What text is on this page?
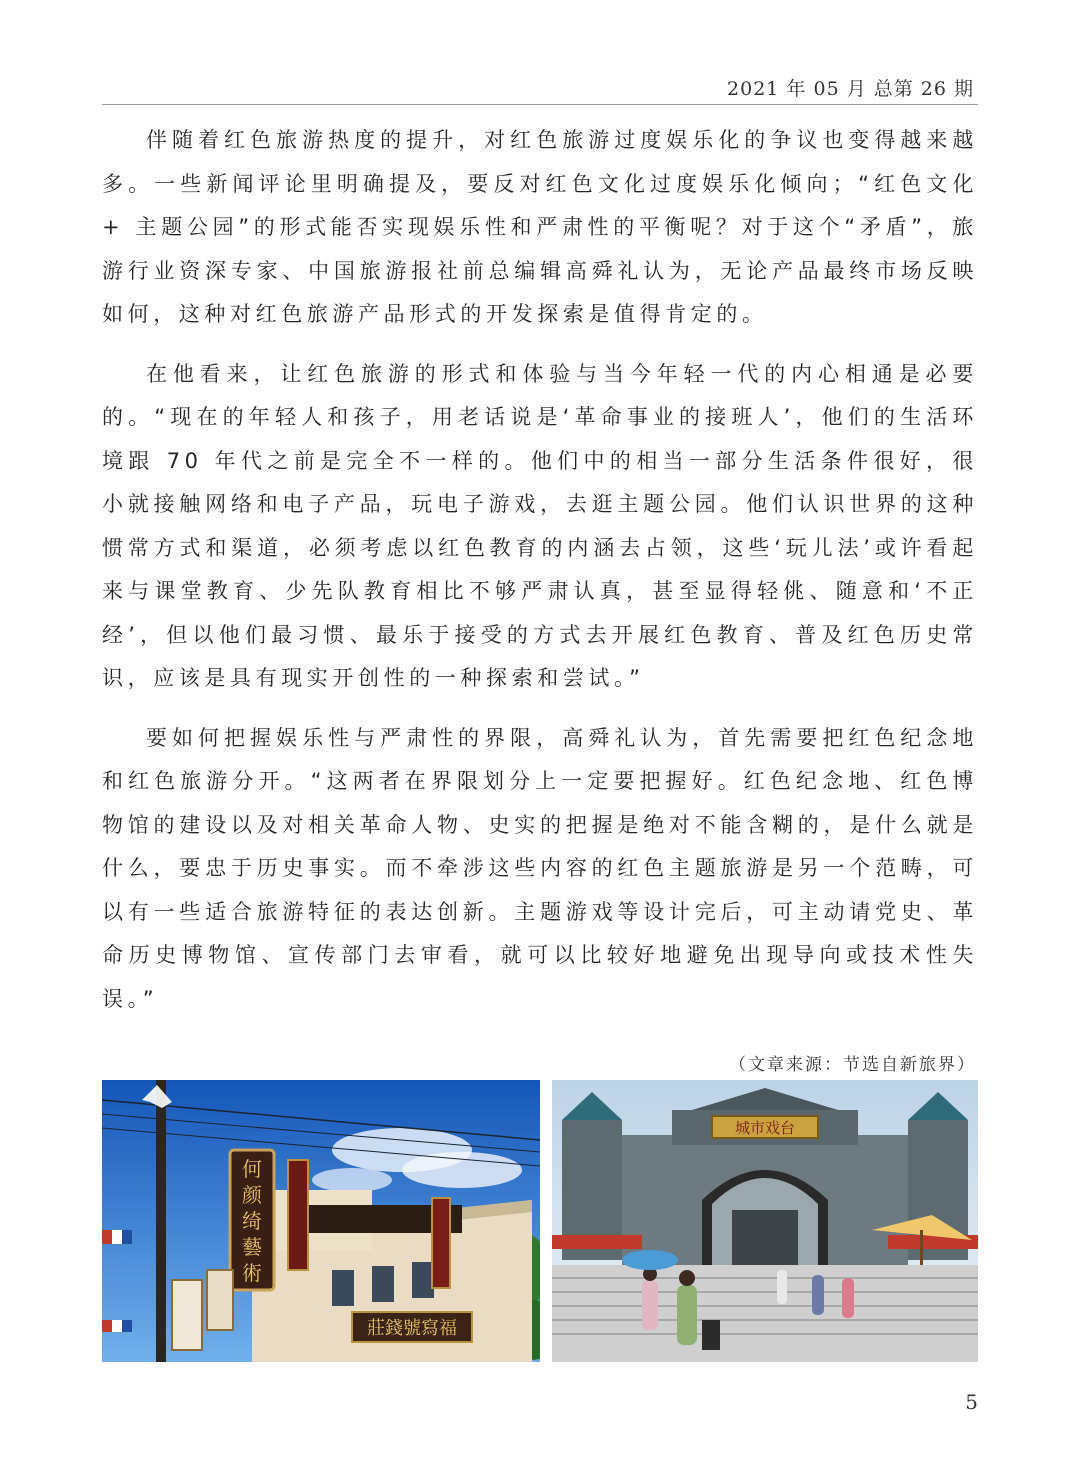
2021 年 05 月 总第 26 期

伴随着红色旅游热度的提升，对红色旅游过度娱乐化的争议也变得越来越多。一些新闻评论里明确提及，要反对红色文化过度娱乐化倾向；“红色文化 + 主题公园”的形式能否实现娱乐性和严肃性的平衡呢？对于这个“矛盾”，旅游行业资深专家、中国旅游报社前总编辑高舜礼认为，无论产品最终市场反映如何，这种对红色旅游产品形式的开发探索是值得肯定的。

在他看来，让红色旅游的形式和体验与当今年轻一代的内心相通是必要的。“现在的年轻人和孩子，用老话说是‘革命事业的接班人’，他们的生活环境跟 70 年代之前是完全不一样的。他们中的相当一部分生活条件很好，很小就接触网络和电子产品，玩电子游戏，去逛主题公园。他们认识世界的这种惯常方式和渠道，必须考虑以红色教育的内涵去占领，这些‘玩儿法’或许看起来与课堂教育、少先队教育相比不够严肃认真，甚至显得轻佻、随意和‘不正经’，但以他们最习惯、最乐于接受的方式去开展红色教育、普及红色历史常识，应该是具有现实开创性的一种探索和尝试。”

要如何把握娱乐性与严肃性的界限，高舜礼认为，首先需要把红色纪念地和红色旅游分开。“这两者在界限划分上一定要把握好。红色纪念地、红色博物馆的建设以及对相关革命人物、史实的把握是绝对不能含糊的，是什么就是什么，要忠于历史事实。而不牵涉这些内容的红色主题旅游是另一个范畴，可以有一些适合旅游特征的表达创新。主题游戏等设计完后，可主动请党史、革命历史博物馆、宣传部门去审看，就可以比较好地避免出现导向或技术性失误。”

（文章来源：节选自新旅界）
何
颜
绮
藝
術
莊錢號寫福
城市戏台
5
